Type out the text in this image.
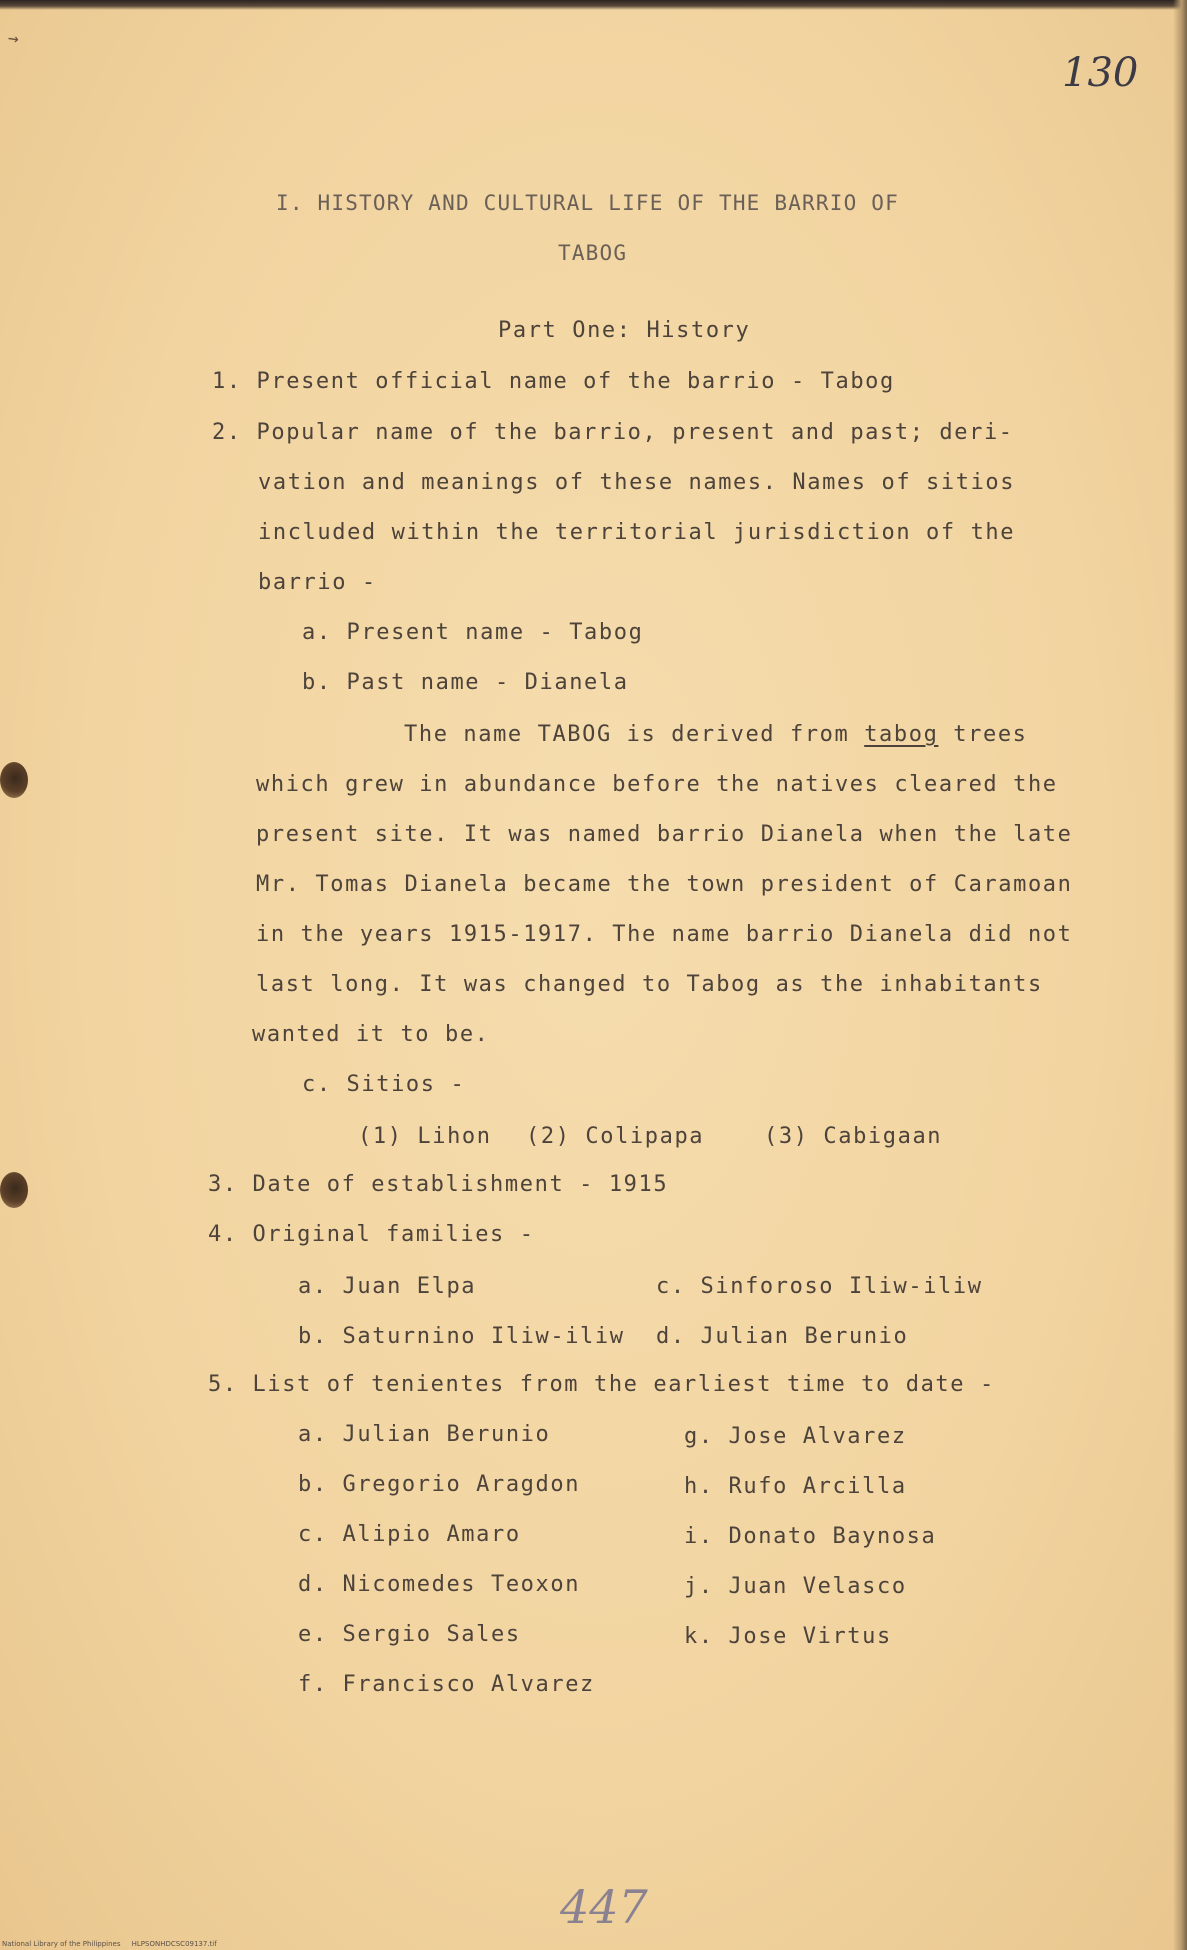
→
130
I. HISTORY AND CULTURAL LIFE OF THE BARRIO OF
TABOG
Part One: History
1. Present official name of the barrio - Tabog
2. Popular name of the barrio, present and past; deri-
vation and meanings of these names. Names of sitios
included within the territorial jurisdiction of the
barrio -
a. Present name - Tabog
b. Past name - Dianela
The name TABOG is derived from tabog trees
which grew in abundance before the natives cleared the
present site. It was named barrio Dianela when the late
Mr. Tomas Dianela became the town president of Caramoan
in the years 1915-1917. The name barrio Dianela did not
last long. It was changed to Tabog as the inhabitants
wanted it to be.
c. Sitios -
(1) Lihon (2) Colipapa	(3) Cabigaan
3. Date of establishment - 1915
4. Original families -
a. Juan Elpa	c. Sinforoso Iliw-iliw
b. Saturnino Iliw-iliw d. Julian Berunio
5. List of tenientes from the earliest time to date -
a. Julian Berunio
b. Gregorio Aragdon
c. Alipio Amaro
d. Nicomedes Teoxon
e. Sergio Sales
f. Francisco Alvarez
g. Jose Alvarez
h. Rufo Arcilla
i. Donato Baynosa
j. Juan Velasco
k. Jose Virtus
447
National Library of the Philippines     HLPSONHDCSC09137.tif
